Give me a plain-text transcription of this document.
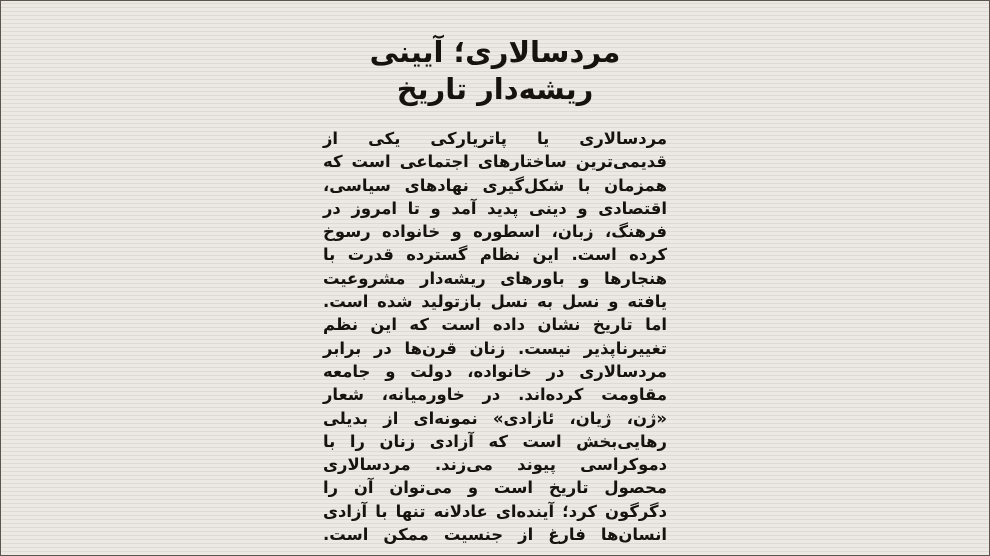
مردسالاری؛ آیینی ریشه‌دار تاریخ

مردسالاری یا پاتریارکی یکی از قدیمی‌ترین ساختارهای اجتماعی است که همزمان با شکل‌گیری نهادهای سیاسی، اقتصادی و دینی پدید آمد و تا امروز در فرهنگ، زبان، اسطوره و خانواده رسوخ کرده است. این نظام گسترده قدرت با هنجارها و باورهای ریشه‌دار مشروعیت یافته و نسل به نسل بازتولید شده است. اما تاریخ نشان داده است که این نظم تغییرناپذیر نیست. زنان قرن‌ها در برابر مردسالاری در خانواده، دولت و جامعه مقاومت کرده‌اند. در خاورمیانه، شعار «ژن، ژیان، ئازادی» نمونه‌ای از بدیلی رهایی‌بخش است که آزادی زنان را با دموکراسی پیوند می‌زند. مردسالاری محصول تاریخ است و می‌توان آن را دگرگون کرد؛ آینده‌ای عادلانه تنها با آزادی انسان‌ها فارغ از جنسیت ممکن است.
